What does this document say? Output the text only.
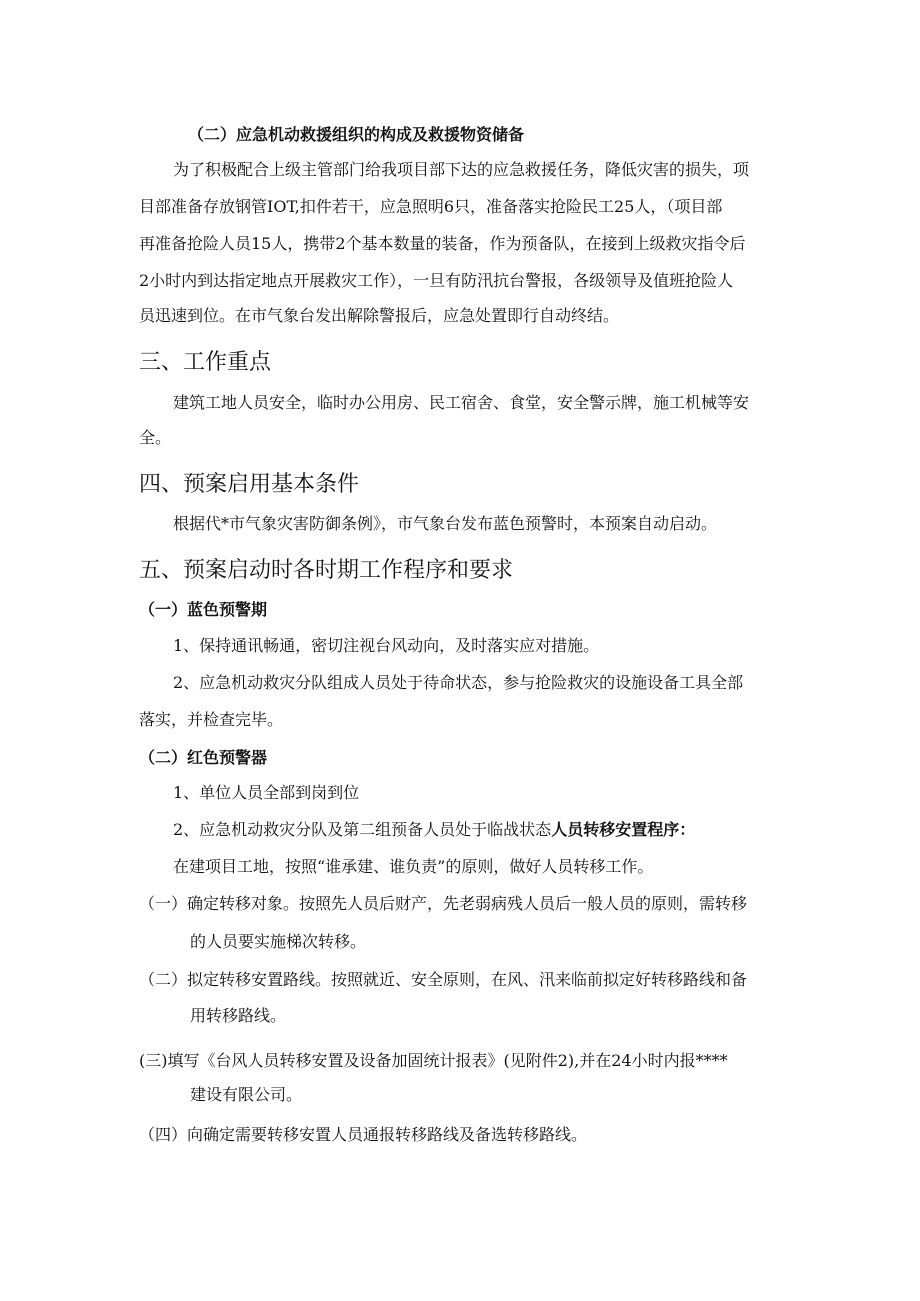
（二）应急机动救援组织的构成及救援物资储备
为了积极配合上级主管部门给我项目部下达的应急救援任务，降低灾害的损失，项
目部准备存放钢管IOT,扣件若干，应急照明6只，准备落实抢险民工25人，（项目部
再准备抢险人员15人，携带2个基本数量的装备，作为预备队，在接到上级救灾指令后
2小时内到达指定地点开展救灾工作），一旦有防汛抗台警报，各级领导及值班抢险人
员迅速到位。在市气象台发出解除警报后，应急处置即行自动终结。
三、工作重点
建筑工地人员安全，临时办公用房、民工宿舍、食堂，安全警示牌，施工机械等安
全。
四、预案启用基本条件
根据代*市气象灾害防御条例》，市气象台发布蓝色预警时，本预案自动启动。
五、预案启动时各时期工作程序和要求
（一）蓝色预警期
1、保持通讯畅通，密切注视台风动向，及时落实应对措施。
2、应急机动救灾分队组成人员处于待命状态，参与抢险救灾的设施设备工具全部
落实，并检查完毕。
（二）红色预警器
1、单位人员全部到岗到位
2、应急机动救灾分队及第二组预备人员处于临战状态人员转移安置程序：
在建项目工地，按照“谁承建、谁负责”的原则，做好人员转移工作。
（一）确定转移对象。按照先人员后财产，先老弱病残人员后一般人员的原则，需转移
的人员要实施梯次转移。
（二）拟定转移安置路线。按照就近、安全原则，在风、汛来临前拟定好转移路线和备
用转移路线。
(三)填写《台风人员转移安置及设备加固统计报表》(见附件2),并在24小时内报****
建设有限公司。
（四）向确定需要转移安置人员通报转移路线及备选转移路线。
